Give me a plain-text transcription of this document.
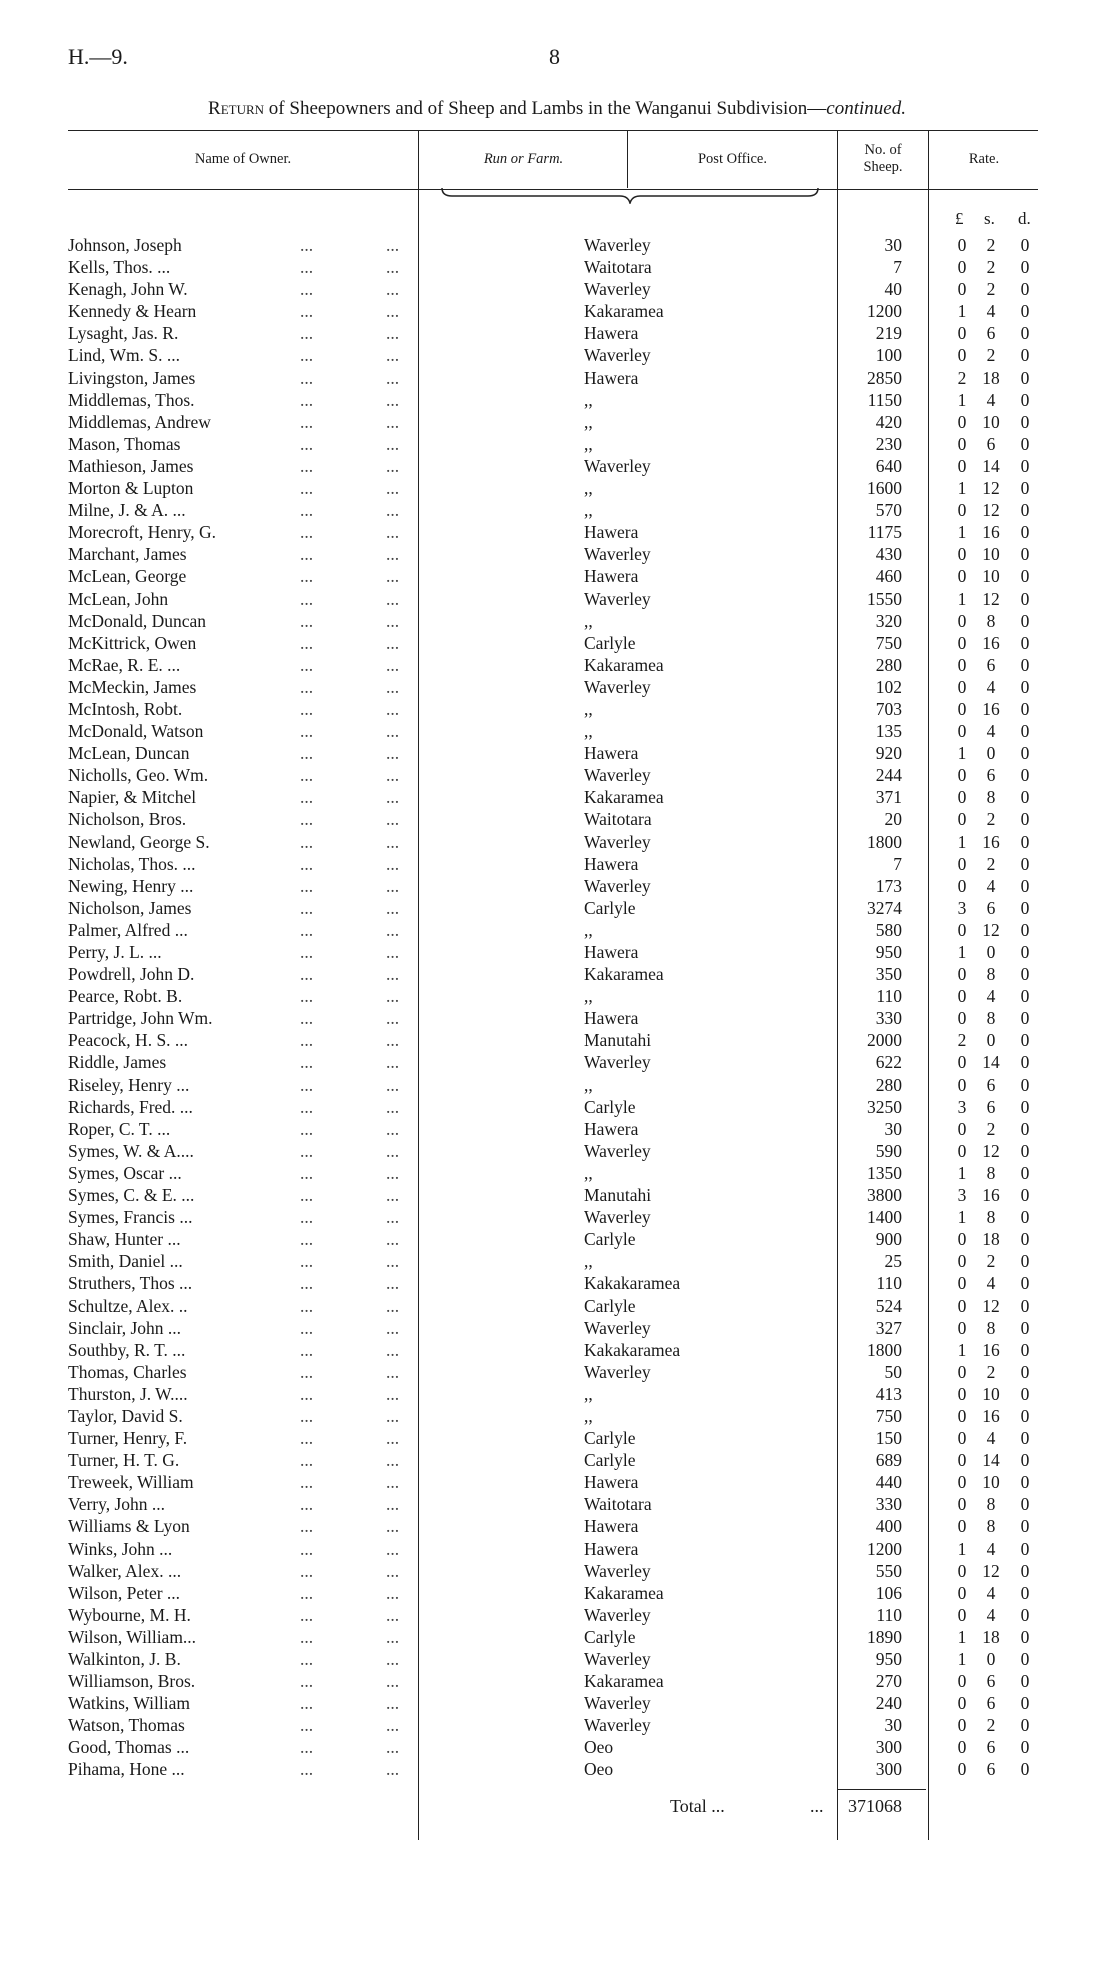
H.—9.	8
Return of Sheepowners and of Sheep and Lambs in the Wanganui Subdivision—continued.
Name of Owner.	Run or Farm.	Post Office.
No. of
Sheep.	Rate.
£ s. d.
Johnson, Joseph	...	...	Waverley	30	0	2	0
Kells, Thos. ...	...	...	Waitotara	7	0	2	0
Kenagh, John W.	...	...	Waverley	40	0	2	0
Kennedy & Hearn	...	...	Kakaramea	1200	1	4	0
Lysaght, Jas. R.	...	...	Hawera	219	0	6	0
Lind, Wm. S. ...	...	...	Waverley	100	0	2	0
Livingston, James	...	...	Hawera	2850	2 18	0
Middlemas, Thos.	...	...	,,	1150	1	4	0
Middlemas, Andrew	...	...	,,	420	0 10	0
Mason, Thomas	...	...	,,	230	0	6	0
Mathieson, James	...	...	Waverley	640	0 14	0
Morton & Lupton	...	...	,,	1600	1 12	0
Milne, J. & A. ...	...	...	,,	570	0 12	0
Morecroft, Henry, G.	...	...	Hawera	1175	1 16	0
Marchant, James	...	...	Waverley	430	0 10	0
McLean, George	...	...	Hawera	460	0 10	0
McLean, John	...	...	Waverley	1550	1 12	0
McDonald, Duncan	...	...	,,	320	0	8	0
McKittrick, Owen	...	...	Carlyle	750	0 16	0
McRae, R. E. ...	...	...	Kakaramea	280	0	6	0
McMeckin, James	...	...	Waverley	102	0	4	0
McIntosh, Robt.	...	...	,,	703	0 16	0
McDonald, Watson	...	...	,,	135	0	4	0
McLean, Duncan	...	...	Hawera	920	1	0	0
Nicholls, Geo. Wm.	...	...	Waverley	244	0	6	0
Napier, & Mitchel	...	...	Kakaramea	371	0	8	0
Nicholson, Bros.	...	...	Waitotara	20	0	2	0
Newland, George S.	...	...	Waverley	1800	1 16	0
Nicholas, Thos. ...	...	...	Hawera	7	0	2	0
Newing, Henry ...	...	...	Waverley	173	0	4	0
Nicholson, James	...	...	Carlyle	3274	3	6	0
Palmer, Alfred ...	...	...	,,	580	0 12	0
Perry, J. L. ...	...	...	Hawera	950	1	0	0
Powdrell, John D.	...	...	Kakaramea	350	0	8	0
Pearce, Robt. B.	...	...	,,	110	0	4	0
Partridge, John Wm.	...	...	Hawera	330	0	8	0
Peacock, H. S. ...	...	...	Manutahi	2000	2	0	0
Riddle, James	...	...	Waverley	622	0 14	0
Riseley, Henry ...	...	...	,,	280	0	6	0
Richards, Fred. ...	...	...	Carlyle	3250	3	6	0
Roper, C. T. ...	...	...	Hawera	30	0	2	0
Symes, W. & A....	...	...	Waverley	590	0 12	0
Symes, Oscar ...	...	...	,,	1350	1	8	0
Symes, C. & E. ...	...	...	Manutahi	3800	3 16	0
Symes, Francis ...	...	...	Waverley	1400	1	8	0
Shaw, Hunter ...	...	...	Carlyle	900	0 18	0
Smith, Daniel ...	...	...	,,	25	0	2	0
Struthers, Thos ...	...	...	Kakakaramea	110	0	4	0
Schultze, Alex. ..	...	...	Carlyle	524	0 12	0
Sinclair, John ...	...	...	Waverley	327	0	8	0
Southby, R. T. ...	...	...	Kakakaramea	1800	1 16	0
Thomas, Charles	...	...	Waverley	50	0	2	0
Thurston, J. W....	...	...	,,	413	0 10	0
Taylor, David S.	...	...	,,	750	0 16	0
Turner, Henry, F.	...	...	Carlyle	150	0	4	0
Turner, H. T. G.	...	...	Carlyle	689	0 14	0
Treweek, William	...	...	Hawera	440	0 10	0
Verry, John ...	...	...	Waitotara	330	0	8	0
Williams & Lyon	...	...	Hawera	400	0	8	0
Winks, John ...	...	...	Hawera	1200	1	4	0
Walker, Alex. ...	...	...	Waverley	550	0 12	0
Wilson, Peter ...	...	...	Kakaramea	106	0	4	0
Wybourne, M. H.	...	...	Waverley	110	0	4	0
Wilson, William...	...	...	Carlyle	1890	1 18	0
Walkinton, J. B.	...	...	Waverley	950	1	0	0
Williamson, Bros.	...	...	Kakaramea	270	0	6	0
Watkins, William	...	...	Waverley	240	0	6	0
Watson, Thomas	...	...	Waverley	30	0	2	0
Good, Thomas ...	...	...	Oeo	300	0	6	0
Pihama, Hone ...	...	...	Oeo	300	0	6	0
Total ...	...	371068
